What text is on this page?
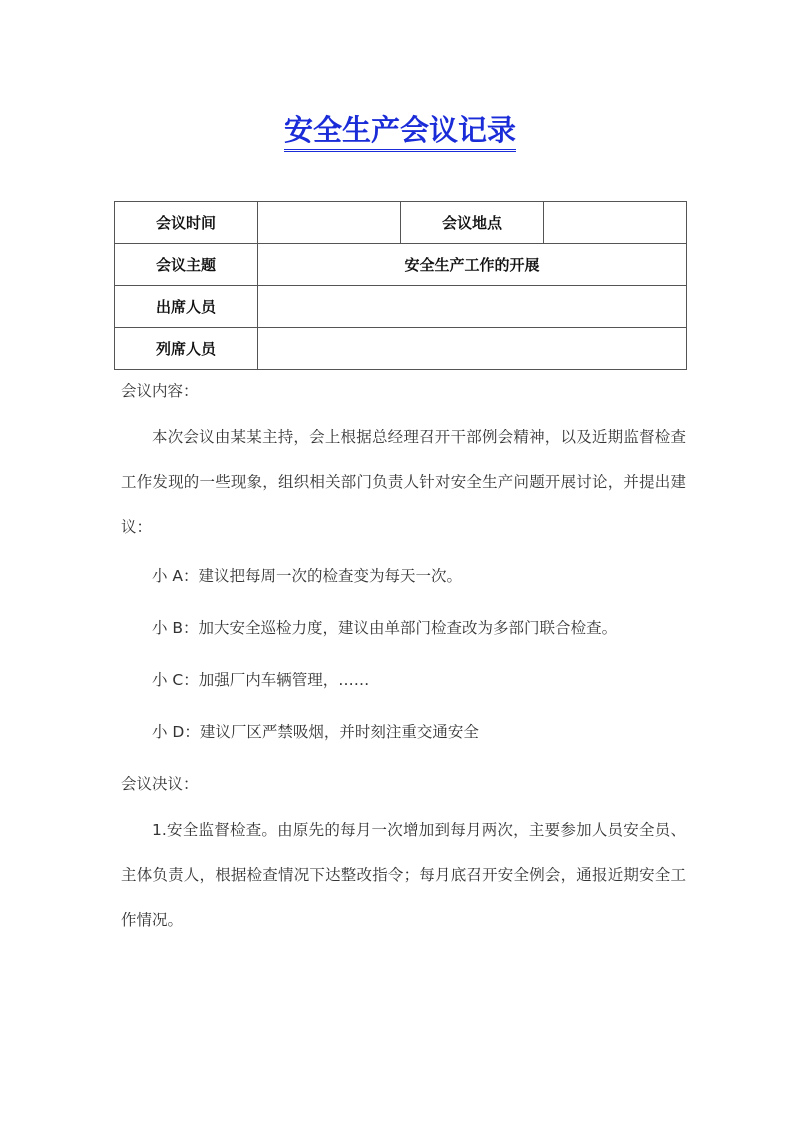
安全生产会议记录
会议时间		会议地点	
会议主题	安全生产工作的开展		
出席人员			
列席人员			

会议内容：

本次会议由某某主持，会上根据总经理召开干部例会精神，以及近期监督检查工作发现的一些现象，组织相关部门负责人针对安全生产问题开展讨论，并提出建议：

小 A：建议把每周一次的检查变为每天一次。
小 B：加大安全巡检力度，建议由单部门检查改为多部门联合检查。
小 C：加强厂内车辆管理，……
小 D：建议厂区严禁吸烟，并时刻注重交通安全

会议决议：

1.安全监督检查。由原先的每月一次增加到每月两次，主要参加人员安全员、主体负责人，根据检查情况下达整改指令；每月底召开安全例会，通报近期安全工作情况。
